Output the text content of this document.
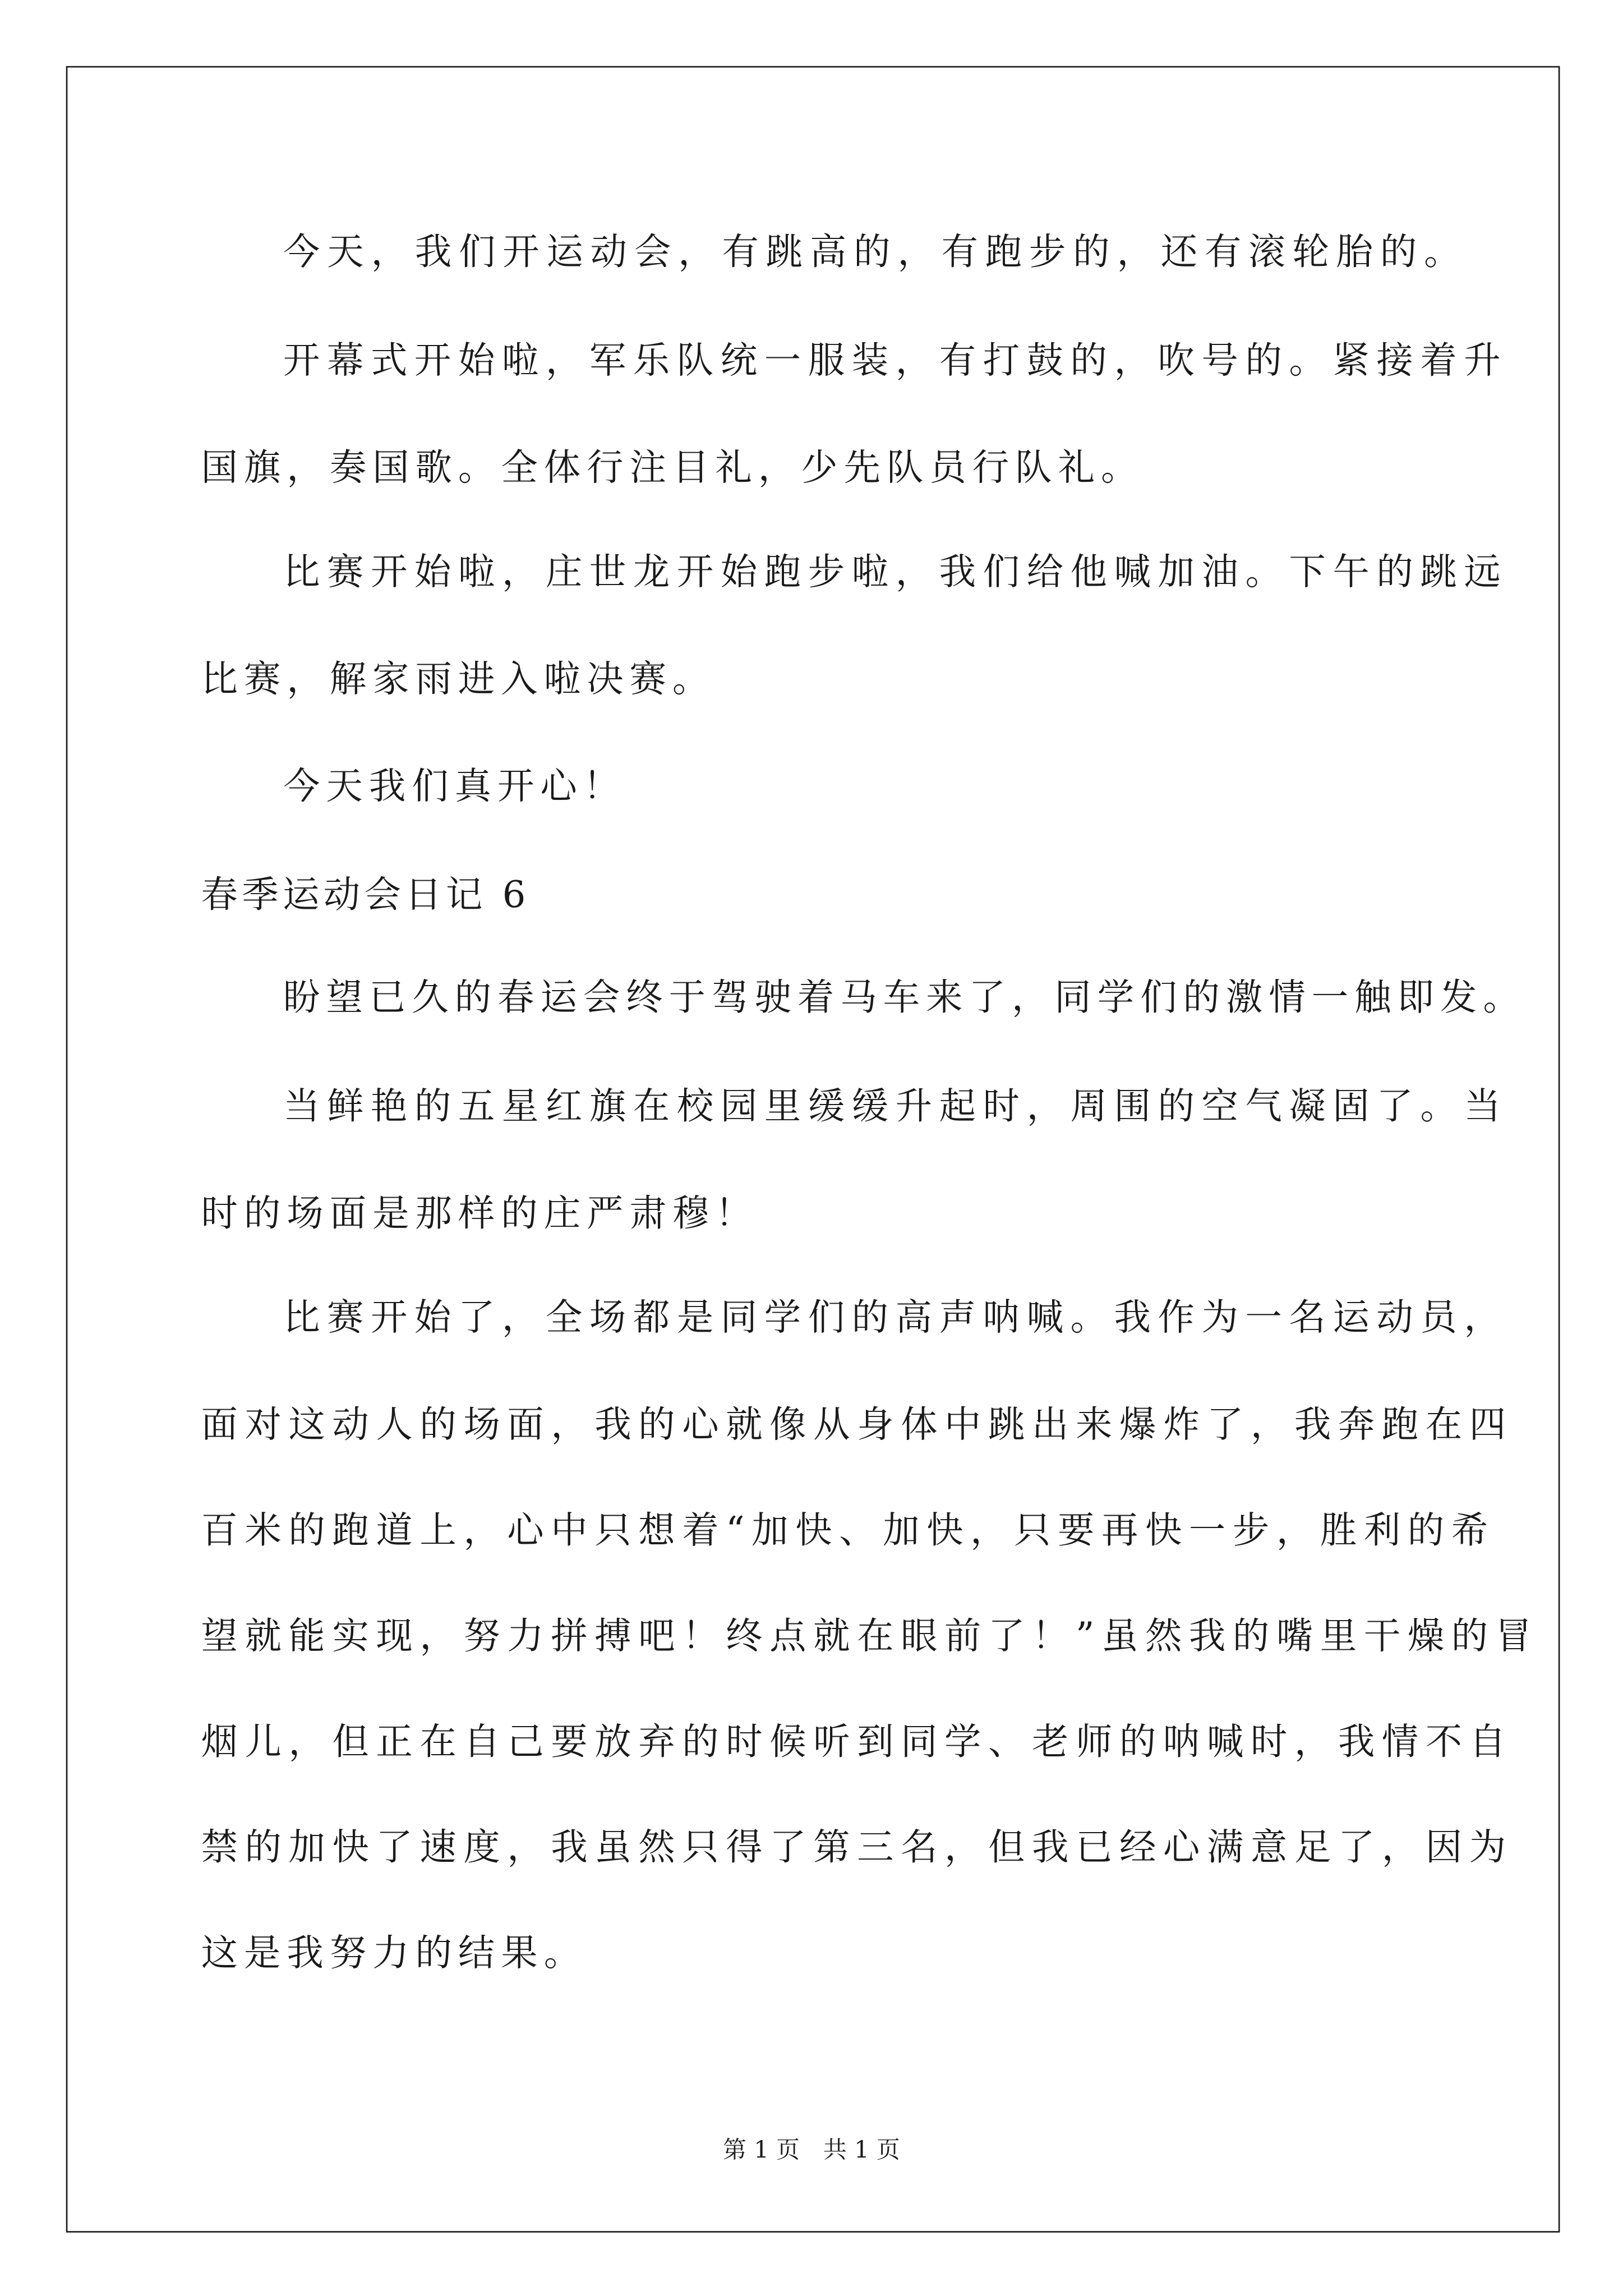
今天，我们开运动会，有跳高的，有跑步的，还有滚轮胎的。
开幕式开始啦，军乐队统一服装，有打鼓的，吹号的。紧接着升
国旗，奏国歌。全体行注目礼，少先队员行队礼。
比赛开始啦，庄世龙开始跑步啦，我们给他喊加油。下午的跳远
比赛，解家雨进入啦决赛。
今天我们真开心！
春季运动会日记 6
盼望已久的春运会终于驾驶着马车来了，同学们的激情一触即发。
当鲜艳的五星红旗在校园里缓缓升起时，周围的空气凝固了。当
时的场面是那样的庄严肃穆！
比赛开始了，全场都是同学们的高声呐喊。我作为一名运动员，
面对这动人的场面，我的心就像从身体中跳出来爆炸了，我奔跑在四
百米的跑道上，心中只想着“加快、加快，只要再快一步，胜利的希
望就能实现，努力拼搏吧！终点就在眼前了！”虽然我的嘴里干燥的冒
烟儿，但正在自己要放弃的时候听到同学、老师的呐喊时，我情不自
禁的加快了速度，我虽然只得了第三名，但我已经心满意足了，因为
这是我努力的结果。
第 1 页　共 1 页
